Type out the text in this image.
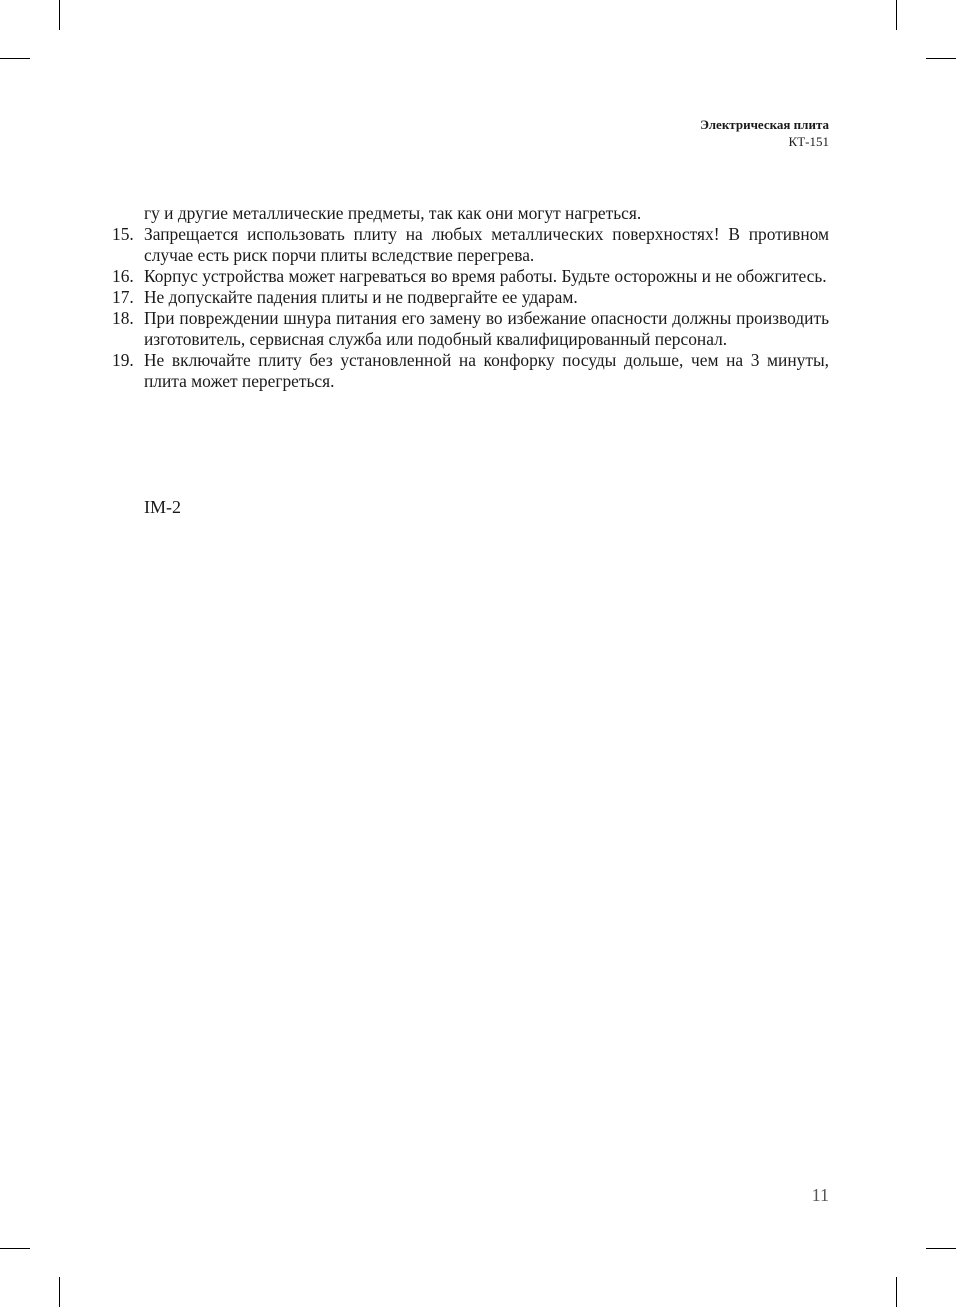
Электрическая плита
КТ-151
гу и другие металлические предметы, так как они могут нагреться.
15. Запрещается использовать плиту на любых металлических поверхностях! В противном случае есть риск порчи плиты вследствие перегрева.
16. Корпус устройства может нагреваться во время работы. Будьте осторожны и не обожгитесь.
17. Не допускайте падения плиты и не подвергайте ее ударам.
18. При повреждении шнура питания его замену во избежание опасности должны производить изготовитель, сервисная служба или подобный квалифицированный персонал.
19. Не включайте плиту без установленной на конфорку посуды дольше, чем на 3 минуты, плита может перегреться.
IM-2
11
